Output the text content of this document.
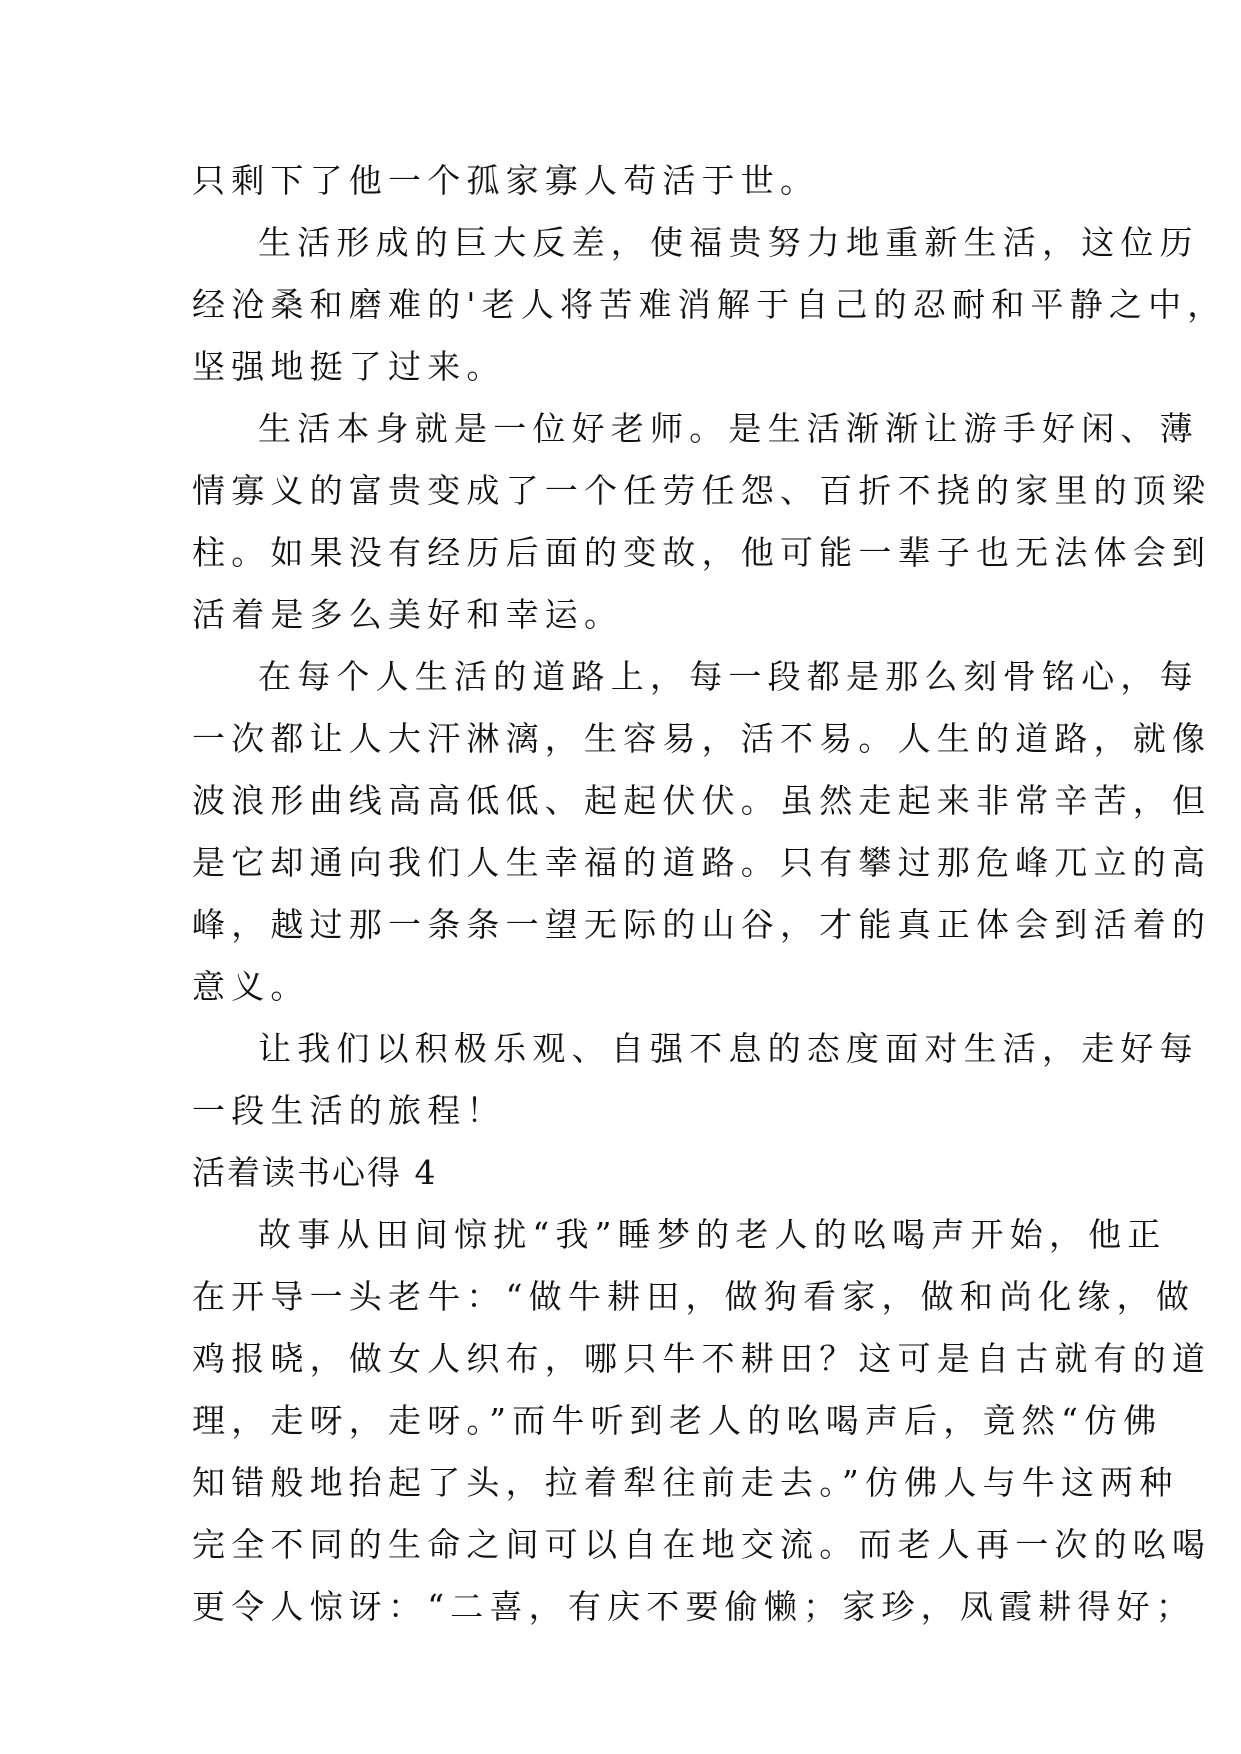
只剩下了他一个孤家寡人苟活于世。
生活形成的巨大反差，使福贵努力地重新生活，这位历
经沧桑和磨难的'老人将苦难消解于自己的忍耐和平静之中，
坚强地挺了过来。
生活本身就是一位好老师。是生活渐渐让游手好闲、薄
情寡义的富贵变成了一个任劳任怨、百折不挠的家里的顶梁
柱。如果没有经历后面的变故，他可能一辈子也无法体会到
活着是多么美好和幸运。
在每个人生活的道路上，每一段都是那么刻骨铭心，每
一次都让人大汗淋漓，生容易，活不易。人生的道路，就像
波浪形曲线高高低低、起起伏伏。虽然走起来非常辛苦，但
是它却通向我们人生幸福的道路。只有攀过那危峰兀立的高
峰，越过那一条条一望无际的山谷，才能真正体会到活着的
意义。
让我们以积极乐观、自强不息的态度面对生活，走好每
一段生活的旅程！
活着读书心得 4
故事从田间惊扰“我”睡梦的老人的吆喝声开始，他正
在开导一头老牛：“做牛耕田，做狗看家，做和尚化缘，做
鸡报晓，做女人织布，哪只牛不耕田？这可是自古就有的道
理，走呀，走呀。”而牛听到老人的吆喝声后，竟然“仿佛
知错般地抬起了头，拉着犁往前走去。”仿佛人与牛这两种
完全不同的生命之间可以自在地交流。而老人再一次的吆喝
更令人惊讶：“二喜，有庆不要偷懒；家珍，凤霞耕得好；
